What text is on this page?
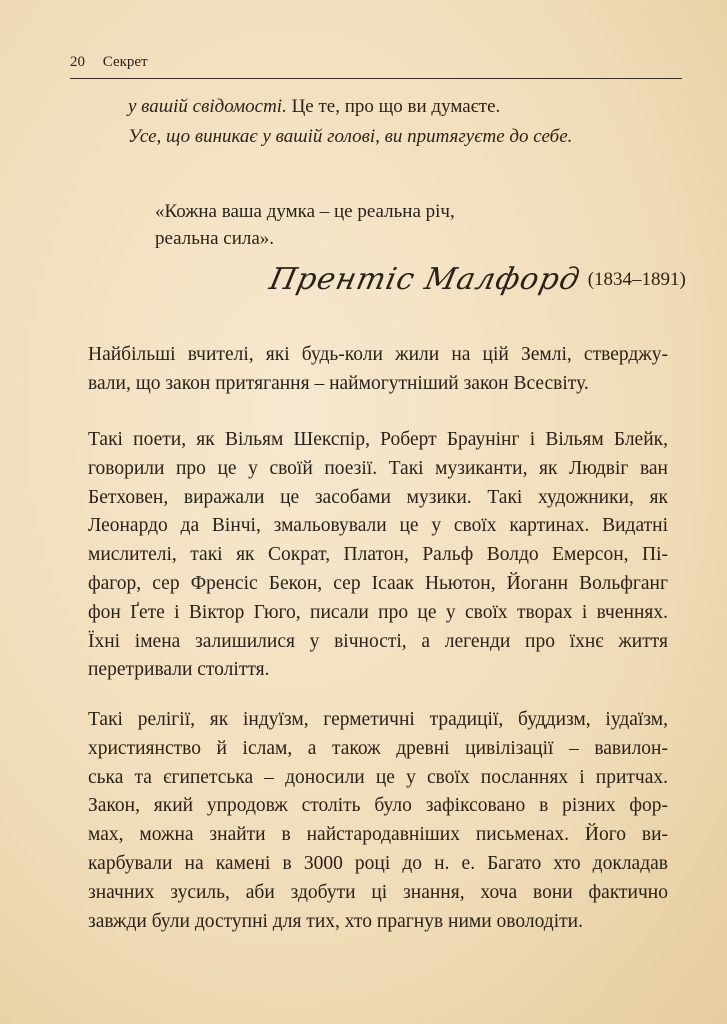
20 Секрет
у вашій свідомості. Це те, про що ви думаєте.
Усе, що виникає у вашій голові, ви притягуєте до себе.
«Кожна ваша думка – це реальна річ,
реальна сила».
Прентіс Малфорд (1834–1891)
Найбільші вчителі, які будь-коли жили на цій Землі, стверджу-
вали, що закон притягання – наймогутніший закон Всесвіту.
Такі поети, як Вільям Шекспір, Роберт Браунінг і Вільям Блейк,
говорили про це у своїй поезії. Такі музиканти, як Людвіг ван
Бетховен, виражали це засобами музики. Такі художники, як
Леонардо да Вінчі, змальовували це у своїх картинах. Видатні
мислителі, такі як Сократ, Платон, Ральф Волдо Емерсон, Пі-
фагор, сер Френсіс Бекон, сер Ісаак Ньютон, Йоганн Вольфганг
фон Ґете і Віктор Гюго, писали про це у своїх творах і вченнях.
Їхні імена залишилися у вічності, а легенди про їхнє життя
перетривали століття.
Такі релігії, як індуїзм, герметичні традиції, буддизм, іудаїзм,
християнство й іслам, а також древні цивілізації – вавилон-
ська та єгипетська – доносили це у своїх посланнях і притчах.
Закон, який упродовж століть було зафіксовано в різних фор-
мах, можна знайти в найстародавніших письменах. Його ви-
карбували на камені в 3000 році до н. е. Багато хто докладав
значних зусиль, аби здобути ці знання, хоча вони фактично
завжди були доступні для тих, хто прагнув ними оволодіти.
